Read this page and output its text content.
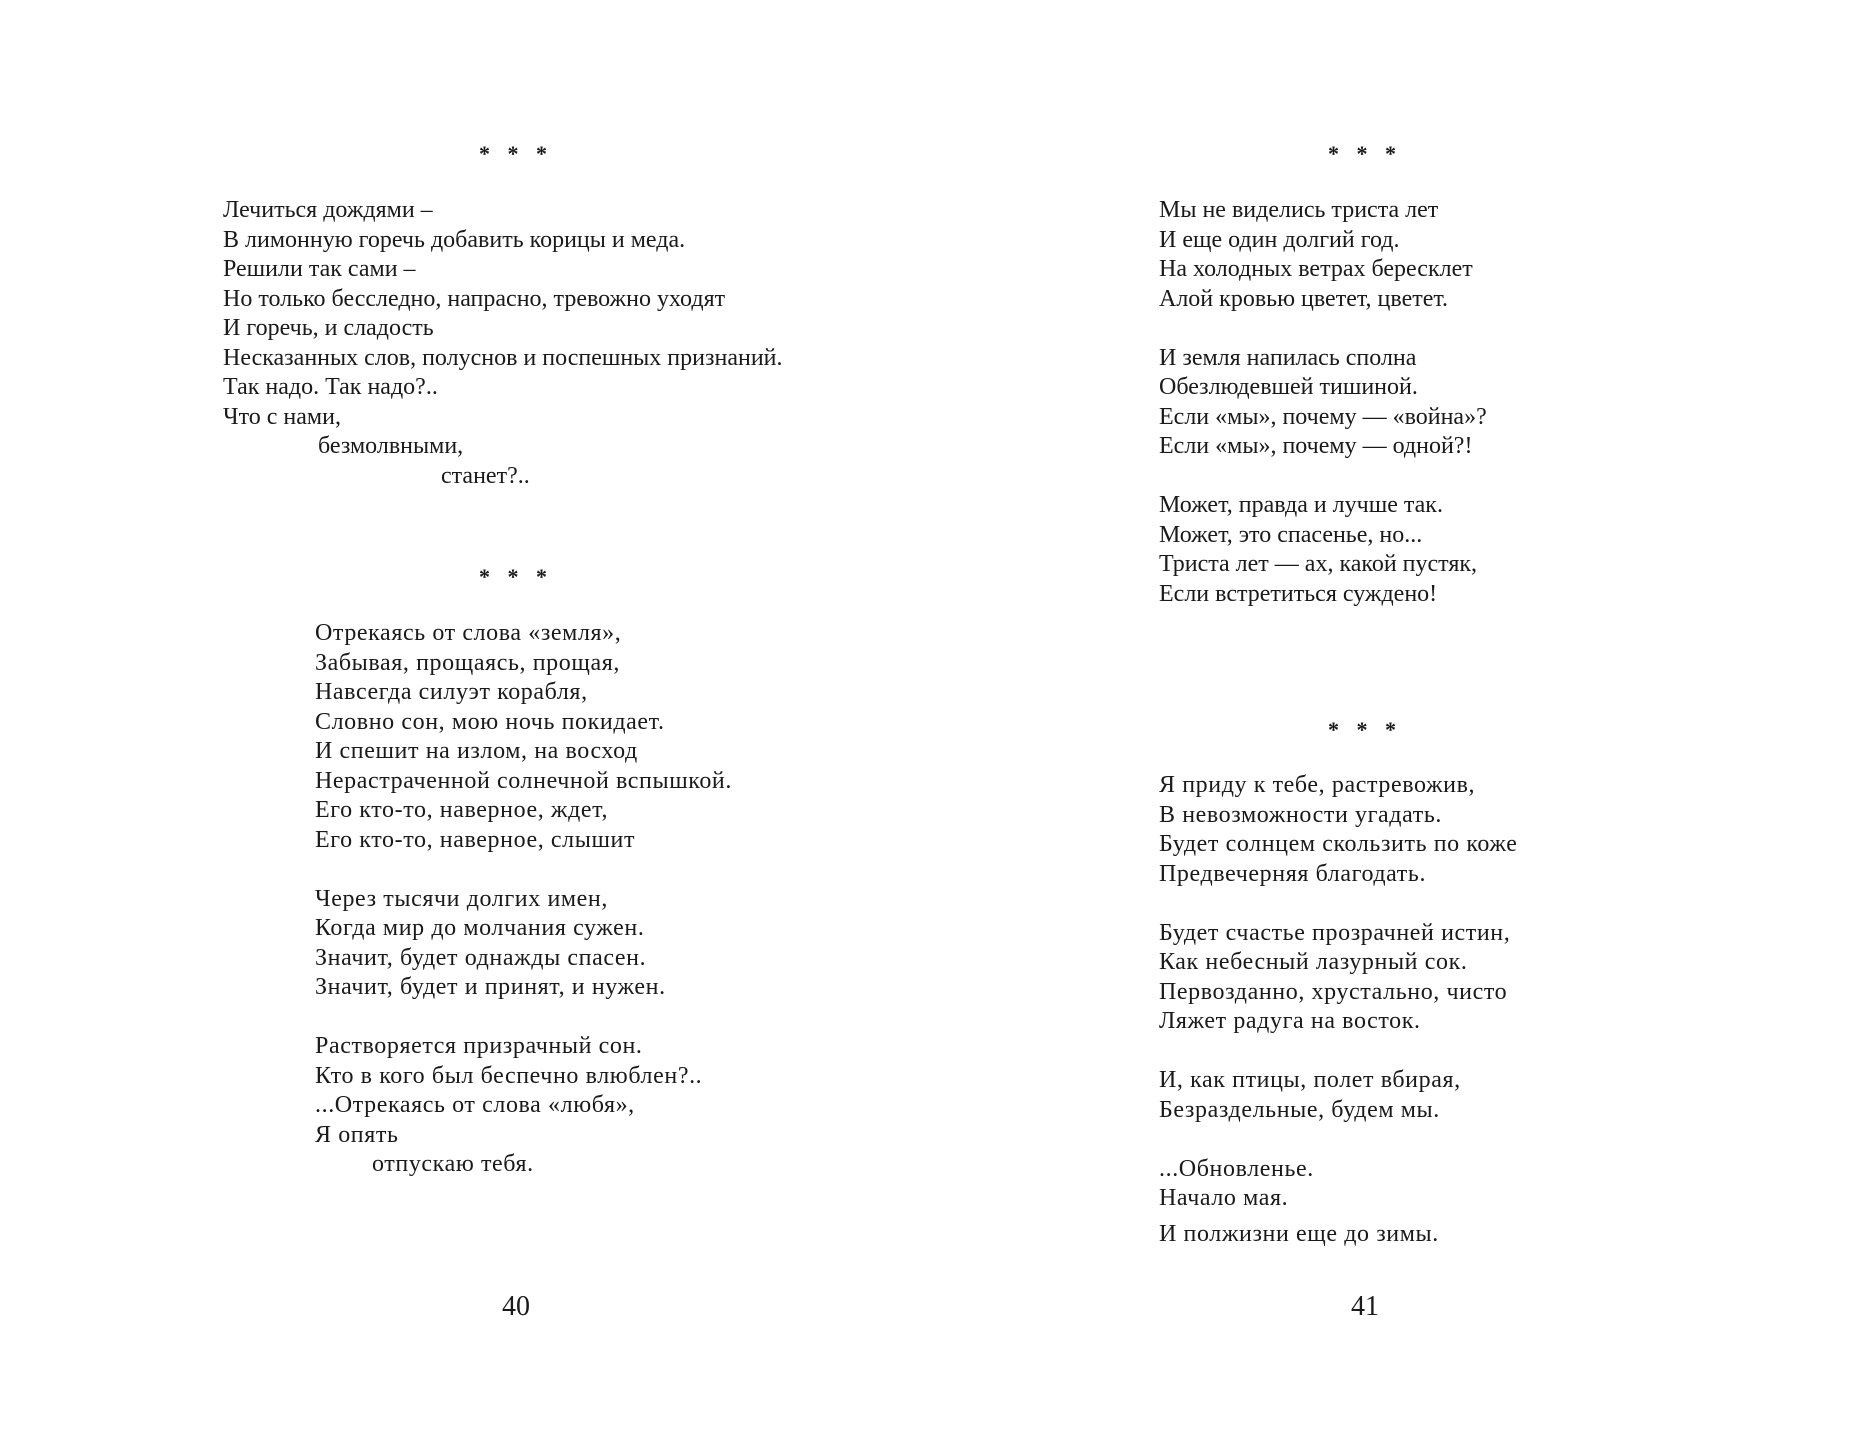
* * *
Лечиться дождями –
В лимонную горечь добавить корицы и меда.
Решили так сами –
Но только бесследно, напрасно, тревожно уходят
И горечь, и сладость
Несказанных слов, полуснов и поспешных признаний.
Так надо. Так надо?..
Что с нами,
безмолвными,
станет?..
* * *
Отрекаясь от слова «земля»,
Забывая, прощаясь, прощая,
Навсегда силуэт корабля,
Словно сон, мою ночь покидает.
И спешит на излом, на восход
Нерастраченной солнечной вспышкой.
Его кто-то, наверное, ждет,
Его кто-то, наверное, слышит
Через тысячи долгих имен,
Когда мир до молчания сужен.
Значит, будет однажды спасен.
Значит, будет и принят, и нужен.
Растворяется призрачный сон.
Кто в кого был беспечно влюблен?..
...Отрекаясь от слова «любя»,
Я опять
отпускаю тебя.
40
* * *
Мы не виделись триста лет
И еще один долгий год.
На холодных ветрах бересклет
Алой кровью цветет, цветет.
И земля напилась сполна
Обезлюдевшей тишиной.
Если «мы», почему — «война»?
Если «мы», почему — одной?!
Может, правда и лучше так.
Может, это спасенье, но...
Триста лет — ах, какой пустяк,
Если встретиться суждено!
* * *
Я приду к тебе, растревожив,
В невозможности угадать.
Будет солнцем скользить по коже
Предвечерняя благодать.
Будет счастье прозрачней истин,
Как небесный лазурный сок.
Первозданно, хрустально, чисто
Ляжет радуга на восток.
И, как птицы, полет вбирая,
Безраздельные, будем мы.
...Обновленье.
Начало мая.
И полжизни еще до зимы.
41
